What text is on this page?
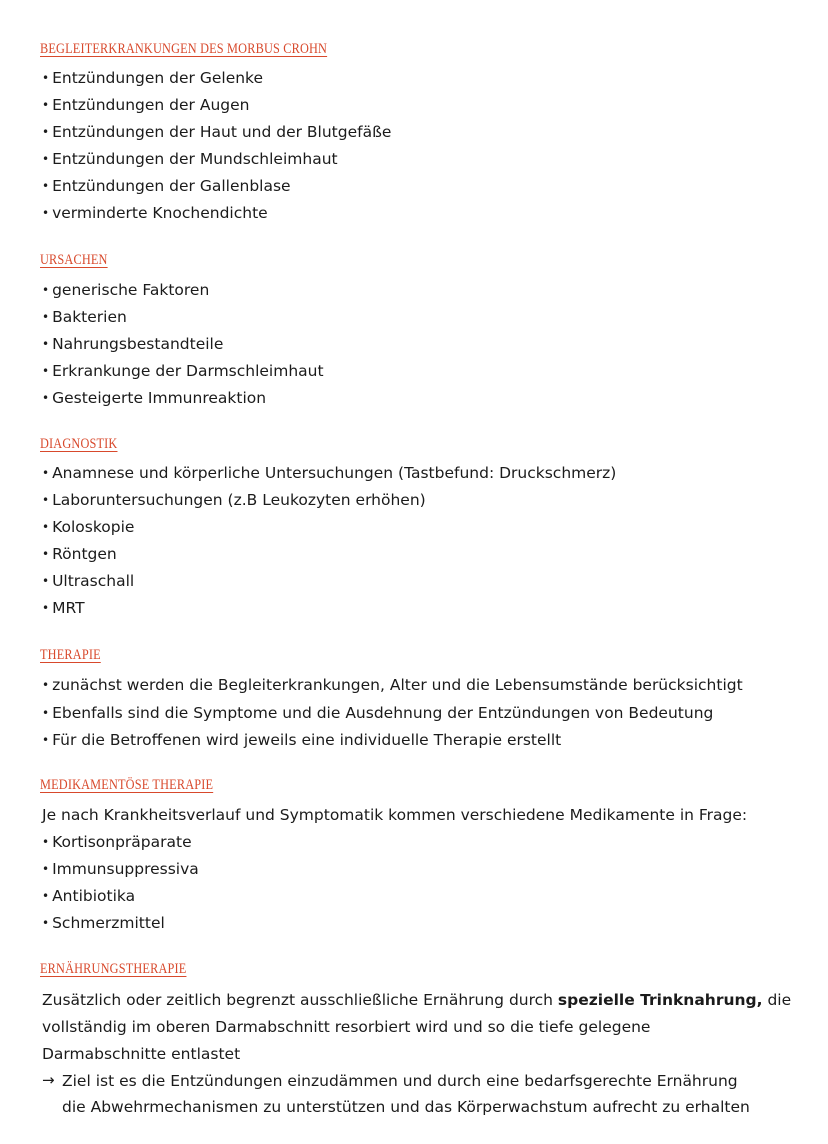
BEGLEITERKRANKUNGEN DES MORBUS CROHN
• Entzündungen der Gelenke
• Entzündungen der Augen
• Entzündungen der Haut und der Blutgefäße
• Entzündungen der Mundschleimhaut
• Entzündungen der Gallenblase
• verminderte Knochendichte
URSACHEN
• generische Faktoren
• Bakterien
• Nahrungsbestandteile
• Erkrankunge der Darmschleimhaut
• Gesteigerte Immunreaktion
DIAGNOSTIK
• Anamnese und körperliche Untersuchungen (Tastbefund: Druckschmerz)
• Laboruntersuchungen (z.B Leukozyten erhöhen)
• Koloskopie
• Röntgen
• Ultraschall
• MRT
THERAPIE
• zunächst werden die Begleiterkrankungen, Alter und die Lebensumstände berücksichtigt
• Ebenfalls sind die Symptome und die Ausdehnung der Entzündungen von Bedeutung
• Für die Betroffenen wird jeweils eine individuelle Therapie erstellt
MEDIKAMENTÖSE THERAPIE
Je nach Krankheitsverlauf und Symptomatik kommen verschiedene Medikamente in Frage:
• Kortisonpräparate
• Immunsuppressiva
• Antibiotika
• Schmerzmittel
ERNÄHRUNGSTHERAPIE
Zusätzlich oder zeitlich begrenzt ausschließliche Ernährung durch spezielle Trinknahrung, die
vollständig im oberen Darmabschnitt resorbiert wird und so die tiefe gelegene
Darmabschnitte entlastet
→ Ziel ist es die Entzündungen einzudämmen und durch eine bedarfsgerechte Ernährung
die Abwehrmechanismen zu unterstützen und das Körperwachstum aufrecht zu erhalten
